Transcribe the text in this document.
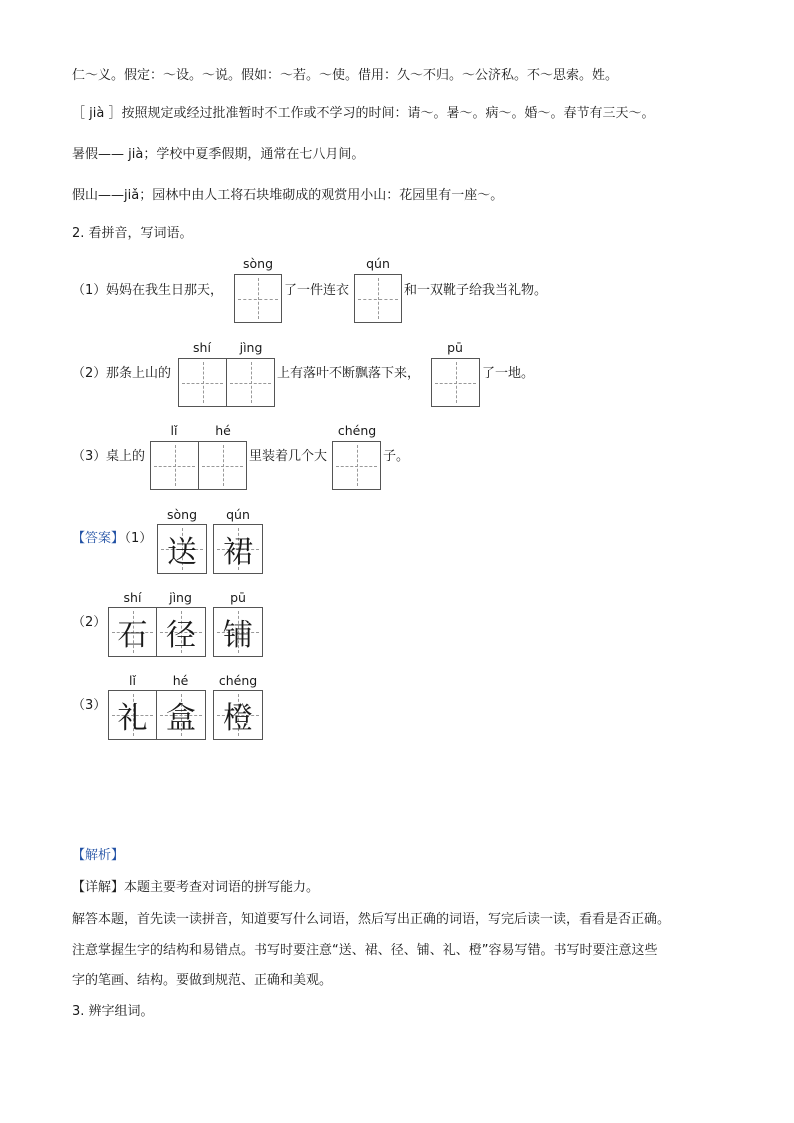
仁～义。假定：～设。～说。假如：～若。～使。借用：久～不归。～公济私。不～思索。姓。
［ jià ］按照规定或经过批准暂时不工作或不学习的时间：请～。暑～。病～。婚～。春节有三天～。
暑假—— jià；学校中夏季假期，通常在七八月间。
假山——jiǎ；园林中由人工将石块堆砌成的观赏用小山：花园里有一座～。
2. 看拼音，写词语。
（1） 妈妈在我生日那天，
sòng
了一件连衣
qún
和一双靴子给我当礼物。
（2） 那条上山的
shí	jìng
上有落叶不断飘落下来，
pū
了一地。
（3） 桌上的
lǐ	hé
里装着几个大
chéng
子。
【答案】
（1）
sòng
送
qún
裙
（2）
shí	jìng
石 径
pū
铺
（3）
lǐ	hé
礼 盒
chéng
橙
【解析】
【详解】本题主要考查对词语的拼写能力。
解答本题，首先读一读拼音，知道要写什么词语，然后写出正确的词语，写完后读一读，看看是否正确。
注意掌握生字的结构和易错点。书写时要注意“送、裙、径、铺、礼、橙”容易写错。书写时要注意这些
字的笔画、结构。要做到规范、正确和美观。
3. 辨字组词。
